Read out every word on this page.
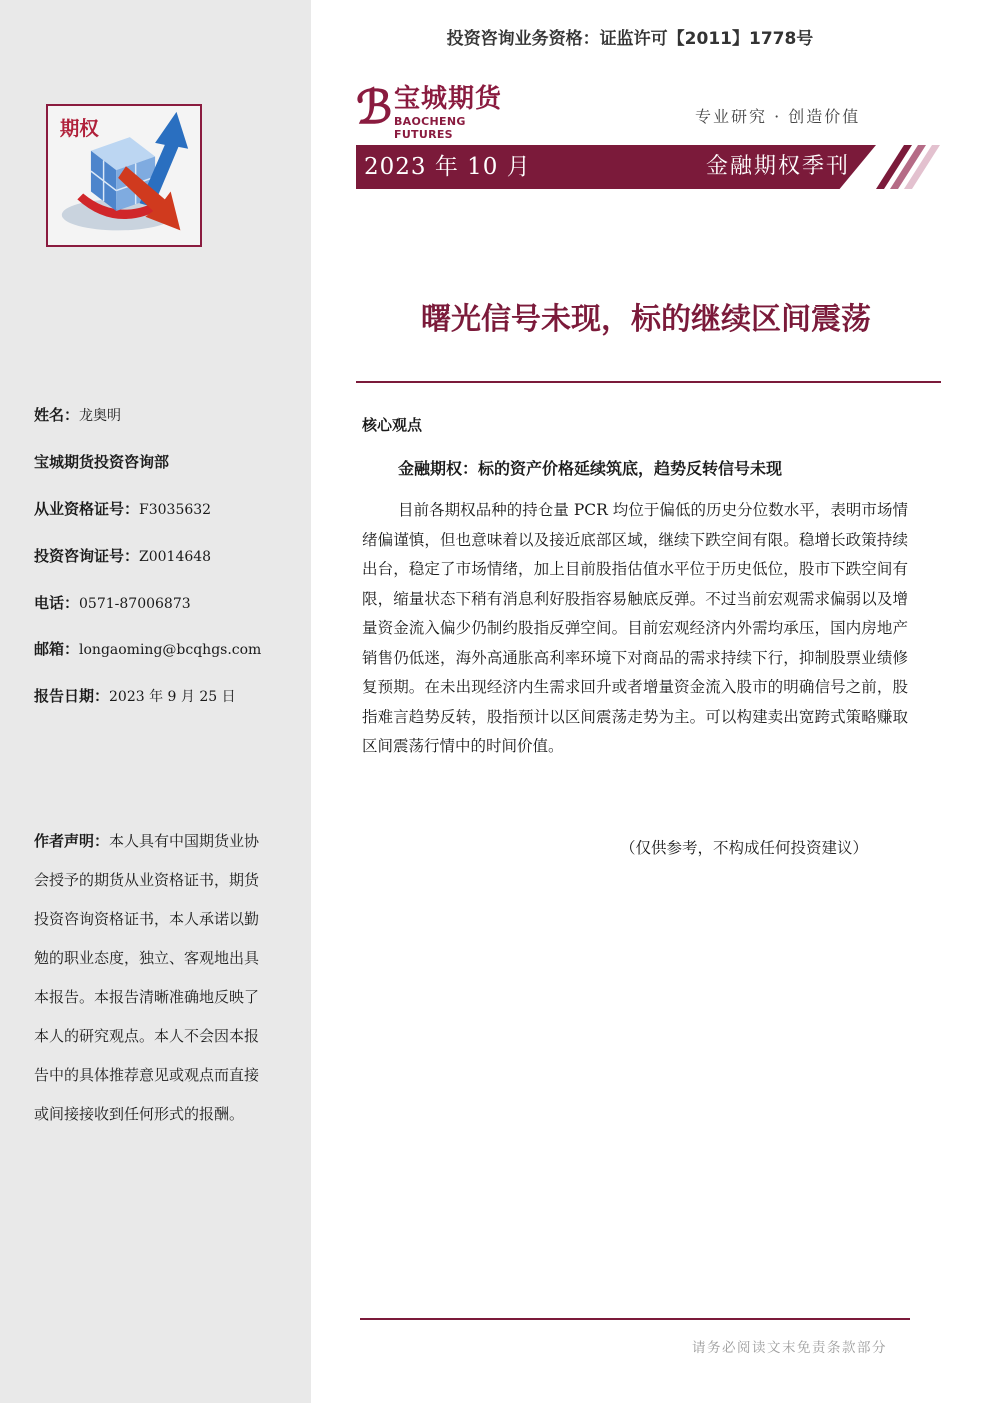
期权
姓名：龙奥明
宝城期货投资咨询部
从业资格证号：F3035632
投资咨询证号：Z0014648
电话：0571-87006873
邮箱：longaoming@bcqhgs.com
报告日期：2023 年 9 月 25 日
作者声明：本人具有中国期货业协会授予的期货从业资格证书，期货投资咨询资格证书，本人承诺以勤勉的职业态度，独立、客观地出具本报告。本报告清晰准确地反映了本人的研究观点。本人不会因本报告中的具体推荐意见或观点而直接或间接接收到任何形式的报酬。
投资咨询业务资格：证监许可【2011】1778号
ℬ 宝城期货
BAOCHENG FUTURES
专业研究 · 创造价值
2023 年 10 月	金融期权季刊
曙光信号未现，标的继续区间震荡
核心观点
金融期权：标的资产价格延续筑底，趋势反转信号未现

目前各期权品种的持仓量 PCR 均位于偏低的历史分位数水平，表明市场情绪偏谨慎，但也意味着以及接近底部区域，继续下跌空间有限。稳增长政策持续出台，稳定了市场情绪，加上目前股指估值水平位于历史低位，股市下跌空间有限，缩量状态下稍有消息利好股指容易触底反弹。不过当前宏观需求偏弱以及增量资金流入偏少仍制约股指反弹空间。目前宏观经济内外需均承压，国内房地产销售仍低迷，海外高通胀高利率环境下对商品的需求持续下行，抑制股票业绩修复预期。在未出现经济内生需求回升或者增量资金流入股市的明确信号之前，股指难言趋势反转，股指预计以区间震荡走势为主。可以构建卖出宽跨式策略赚取区间震荡行情中的时间价值。

（仅供参考，不构成任何投资建议）
请务必阅读文末免责条款部分
